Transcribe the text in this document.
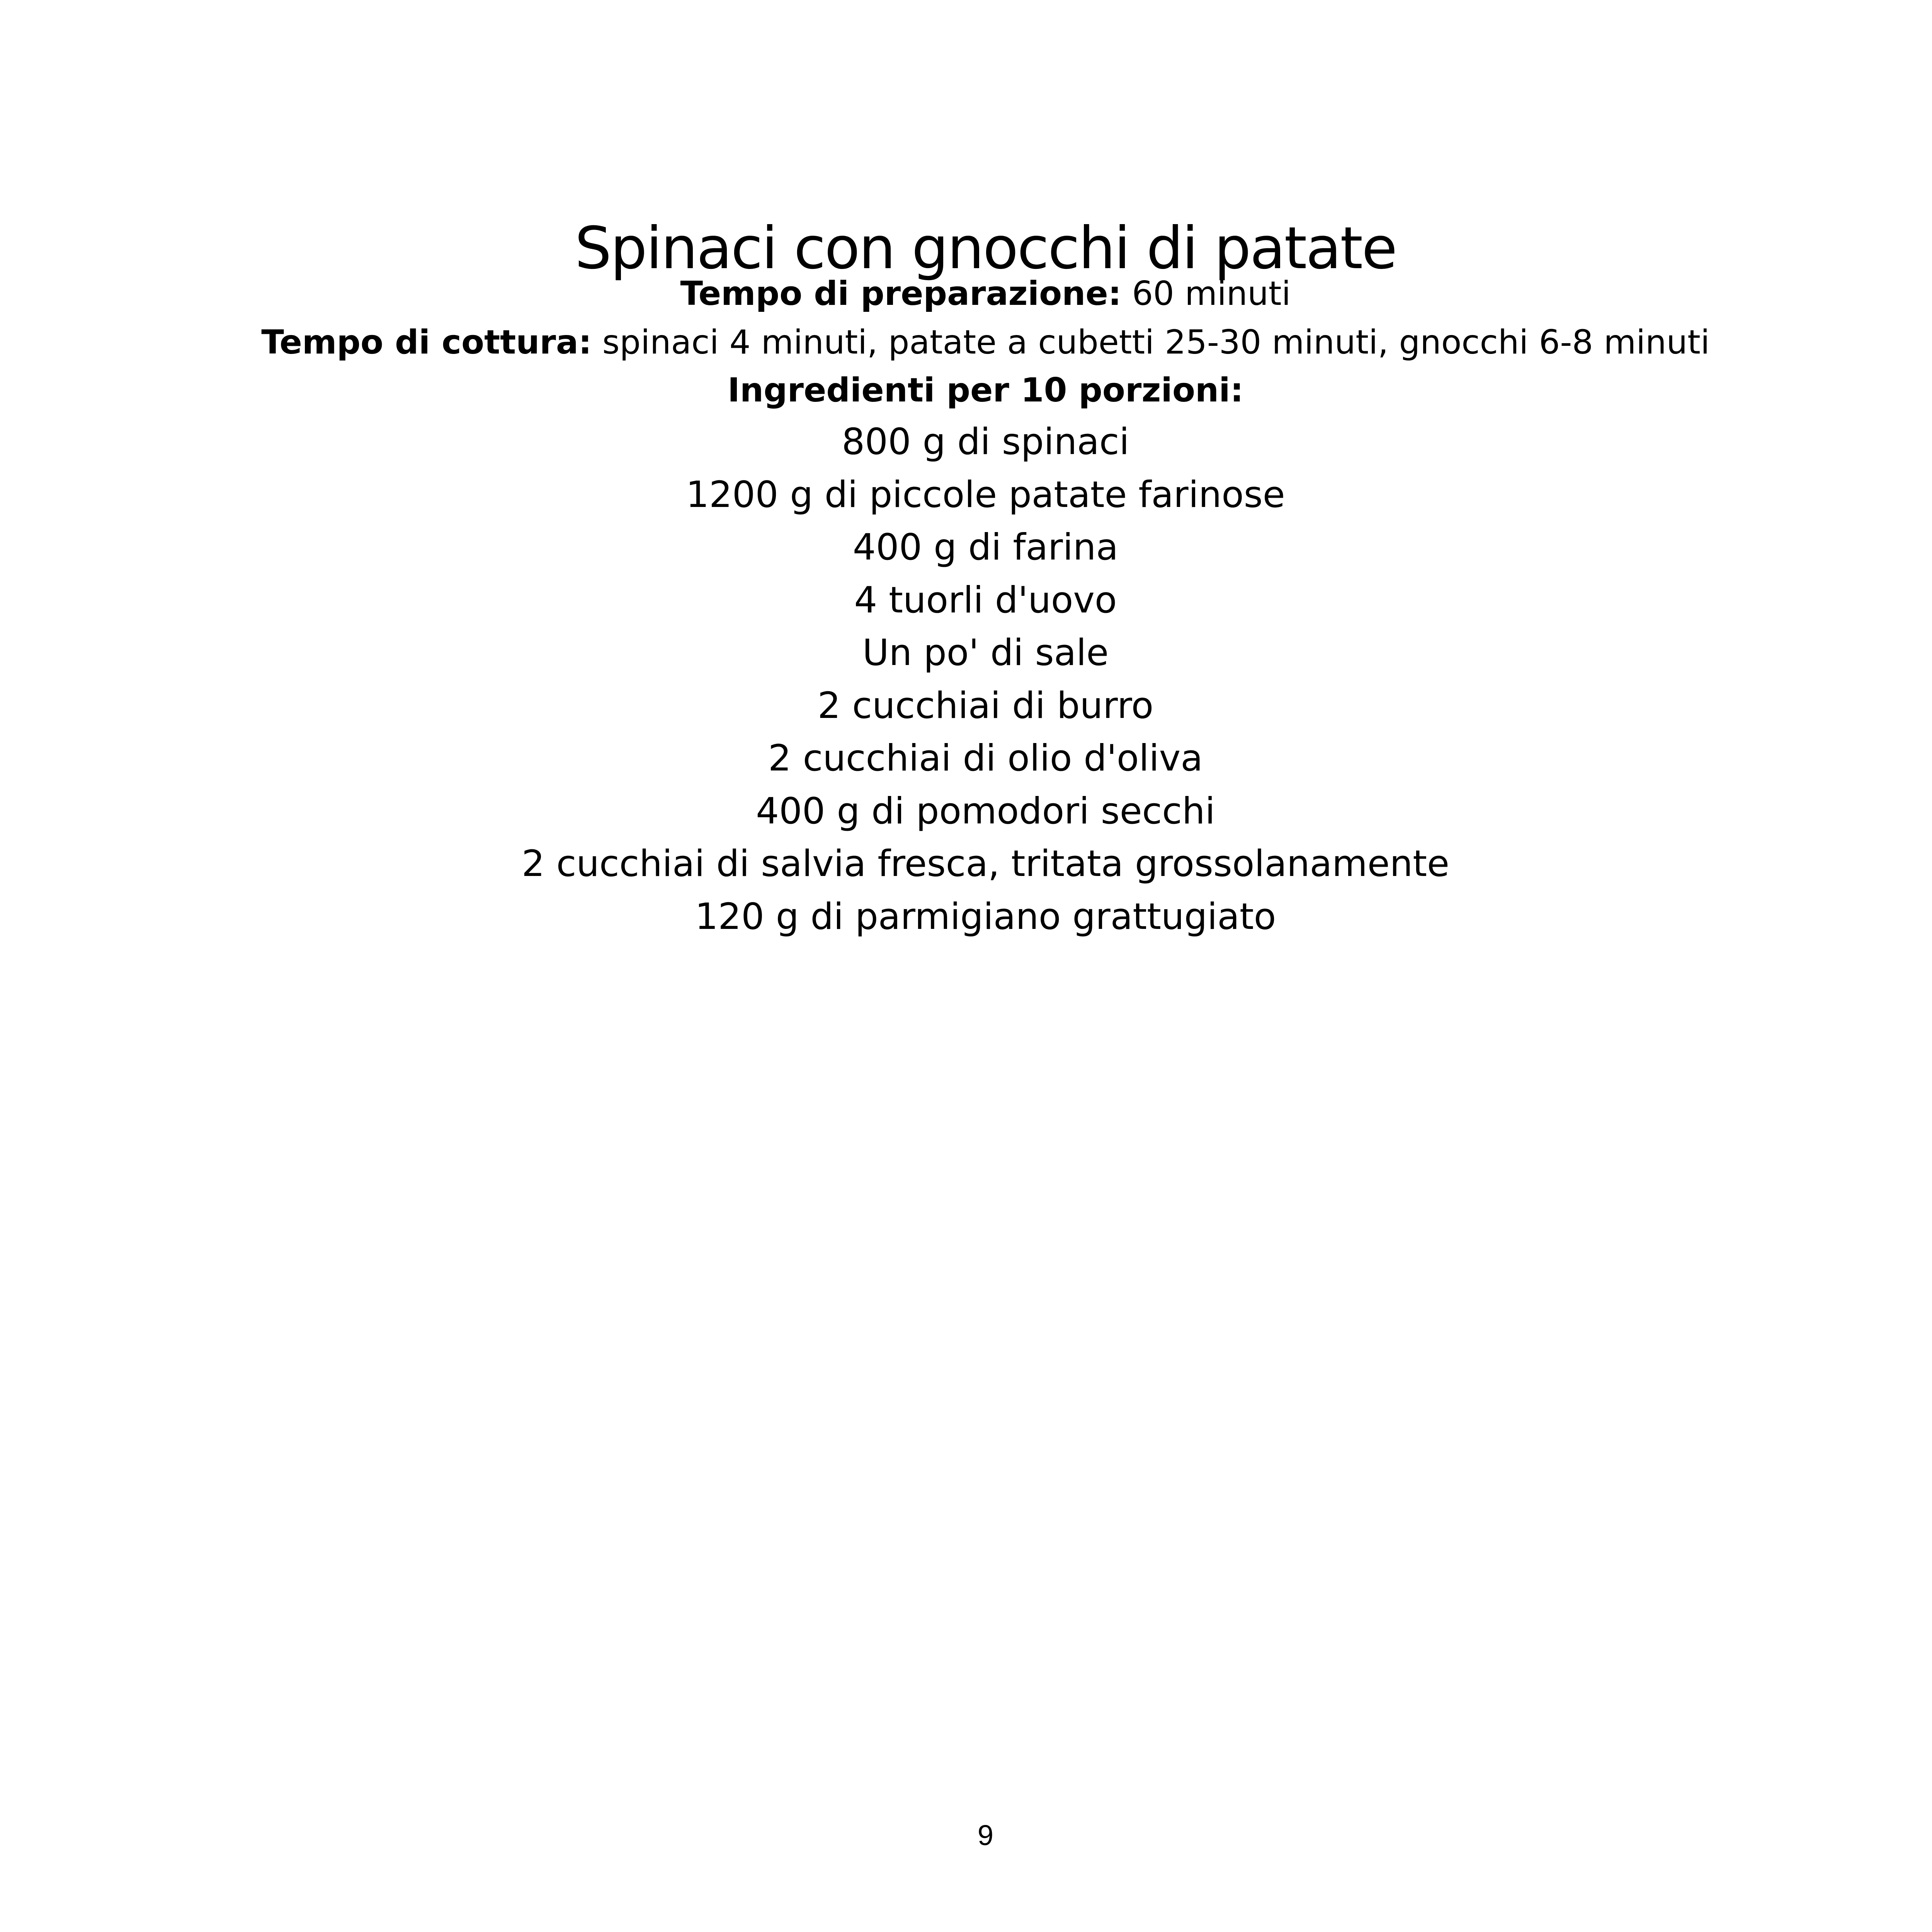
Spinaci con gnocchi di patate
Tempo di preparazione: 60 minuti
Tempo di cottura: spinaci 4 minuti, patate a cubetti 25-30 minuti, gnocchi 6-8 minuti
Ingredienti per 10 porzioni:
800 g di spinaci
1200 g di piccole patate farinose
400 g di farina
4 tuorli d'uovo
Un po' di sale
2 cucchiai di burro
2 cucchiai di olio d'oliva
400 g di pomodori secchi
2 cucchiai di salvia fresca, tritata grossolanamente
120 g di parmigiano grattugiato
9
